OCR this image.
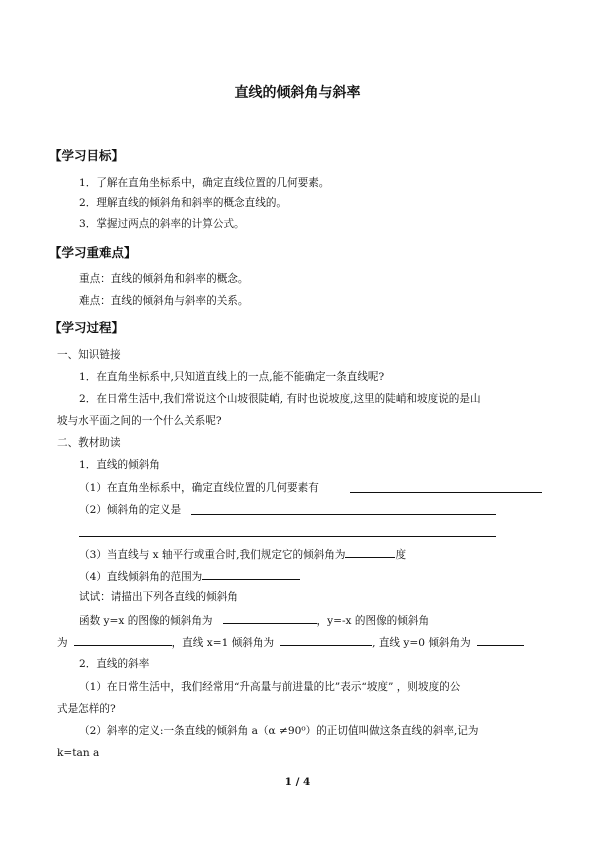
直线的倾斜角与斜率
【学习目标】
1．了解在直角坐标系中，确定直线位置的几何要素。
2．理解直线的倾斜角和斜率的概念直线的。
3．掌握过两点的斜率的计算公式。
【学习重难点】
重点：直线的倾斜角和斜率的概念。
难点：直线的倾斜角与斜率的关系。
【学习过程】
一、知识链接
1．在直角坐标系中,只知道直线上的一点,能不能确定一条直线呢?
2．在日常生活中,我们常说这个山坡很陡峭, 有时也说坡度,这里的陡峭和坡度说的是山
坡与水平面之间的一个什么关系呢?
二、教材助读
1．直线的倾斜角
（1）在直角坐标系中，确定直线位置的几何要素有
（2）倾斜角的定义是
（3）当直线与 x 轴平行或重合时,我们规定它的倾斜角为	度
（4）直线倾斜角的范围为
试试：请描出下列各直线的倾斜角
函数 y=x 的图像的倾斜角为	，y=-x 的图像的倾斜角
为	，直线 x=1 倾斜角为	, 直线 y=0 倾斜角为
2．直线的斜率
（1）在日常生活中，我们经常用“升高量与前进量的比”表示“坡度” ，则坡度的公
式是怎样的?
（2）斜率的定义:一条直线的倾斜角 a（α ≠90⁰）的正切值叫做这条直线的斜率,记为
k=tan a
1 / 4
